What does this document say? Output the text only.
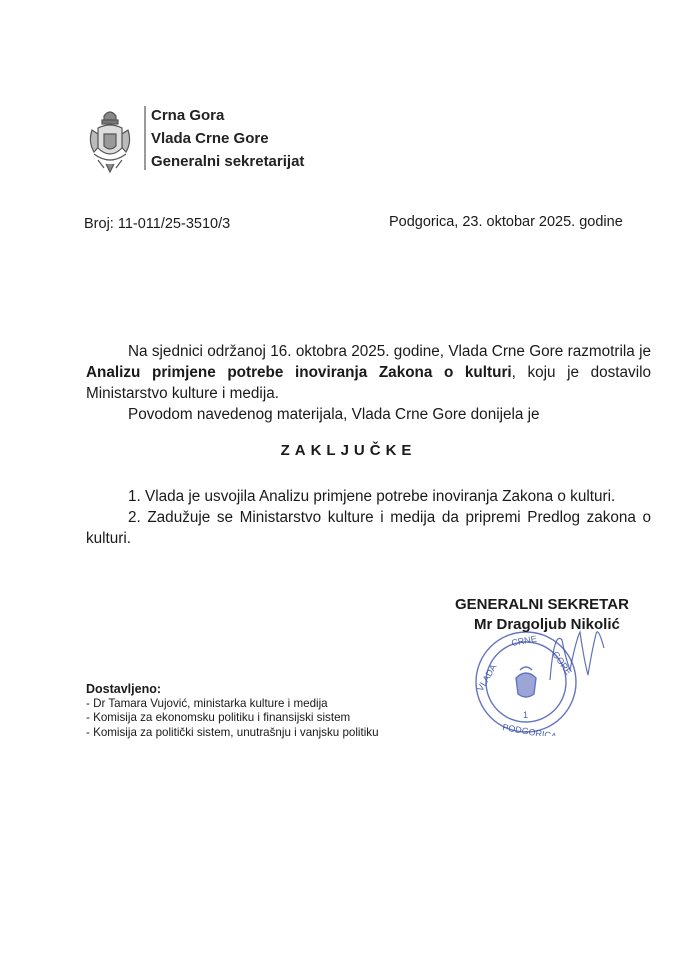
Crna Gora
Vlada Crne Gore
Generalni sekretarijat
Broj: 11-011/25-3510/3	Podgorica, 23. oktobar 2025. godine
Na sjednici održanoj 16. oktobra 2025. godine, Vlada Crne Gore razmotrila je Analizu primjene potrebe inoviranja Zakona o kulturi, koju je dostavilo Ministarstvo kulture i medija.
Povodom navedenog materijala, Vlada Crne Gore donijela je
ZAKLJUČKE
1. Vlada je usvojila Analizu primjene potrebe inoviranja Zakona o kulturi.
2. Zadužuje se Ministarstvo kulture i medija da pripremi Predlog zakona o kulturi.
GENERALNI SEKRETAR
VLADA
CRNE
GORE
1
PODGORICA
Mr Dragoljub Nikolić
Dostavljeno:
- Dr Tamara Vujović, ministarka kulture i medija
- Komisija za ekonomsku politiku i finansijski sistem
- Komisija za politički sistem, unutrašnju i vanjsku politiku
